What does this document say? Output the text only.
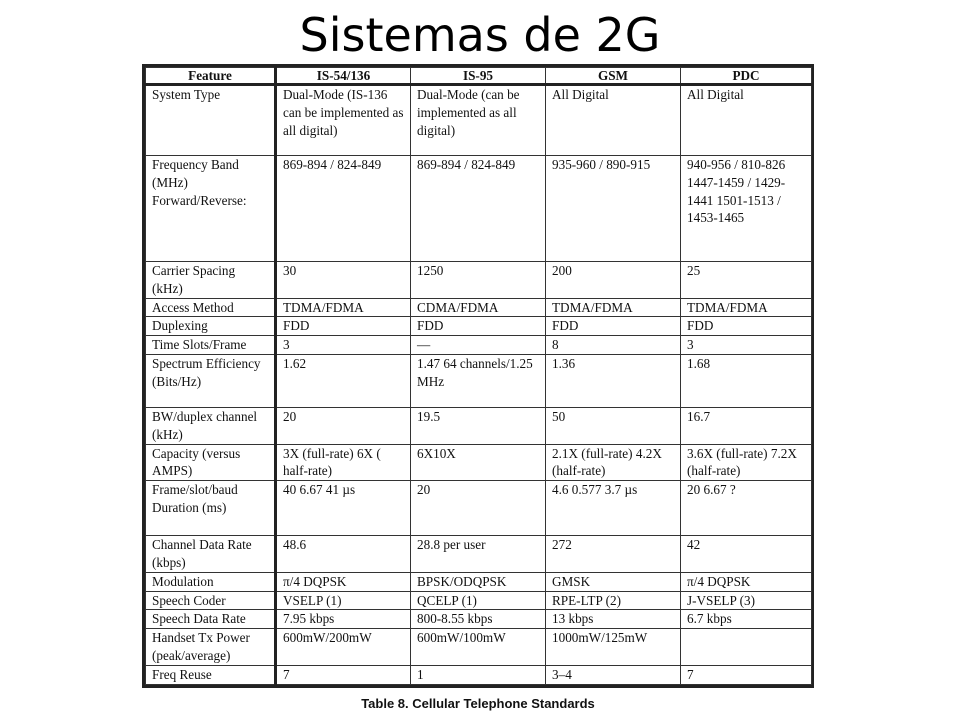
Sistemas de 2G
Feature	IS-54/136	IS-95	GSM	PDC
System Type	Dual-Mode (IS-136 can be implemented as all digital)	Dual-Mode (can be implemented as all digital)	All Digital	All Digital
Frequency Band (MHz) Forward/Reverse:	869-894 / 824-849	869-894 / 824-849	935-960 / 890-915	940-956 / 810-826 1447-1459 / 1429-1441 1501-1513 / 1453-1465
Carrier Spacing (kHz)	30	1250	200	25
Access Method	TDMA/FDMA	CDMA/FDMA	TDMA/FDMA	TDMA/FDMA
Duplexing	FDD	FDD	FDD	FDD
Time Slots/Frame	3	—	8	3
Spectrum Efficiency (Bits/Hz)	1.62	1.47 64 channels/1.25 MHz	1.36	1.68
BW/duplex channel (kHz)	20	19.5	50	16.7
Capacity (versus AMPS)	3X (full-rate) 6X ( half-rate)	6X10X	2.1X (full-rate) 4.2X (half-rate)	3.6X (full-rate) 7.2X (half-rate)
Frame/slot/baud Duration (ms)	40 6.67 41 µs	20	4.6 0.577 3.7 µs	20 6.67 ?
Channel Data Rate (kbps)	48.6	28.8 per user	272	42
Modulation	π/4 DQPSK	BPSK/ODQPSK	GMSK	π/4 DQPSK
Speech Coder	VSELP (1)	QCELP (1)	RPE-LTP (2)	J-VSELP (3)
Speech Data Rate	7.95 kbps	800-8.55 kbps	13 kbps	6.7 kbps
Handset Tx Power (peak/average)	600mW/200mW	600mW/100mW	1000mW/125mW	
Freq Reuse	7	1	3–4	7
Table 8. Cellular Telephone Standards
